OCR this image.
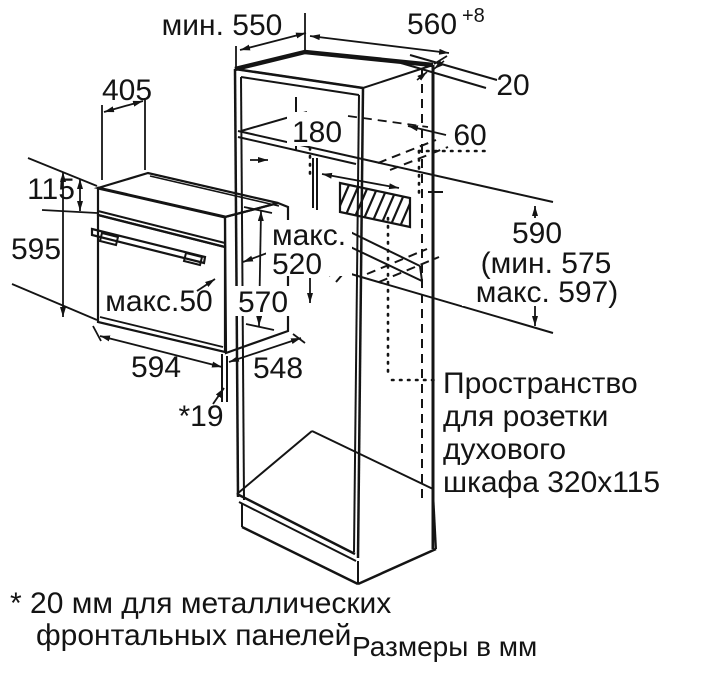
мин. 550	560 +8
20
405
180	60
115
595	макс.
520
570
макс.50
590
(мин. 575
макс. 597)
594 548
*19
Пространство
для розетки
духового
шкафа 320x115
* 20 мм для металлических
фронтальных панелей Размеры в мм
